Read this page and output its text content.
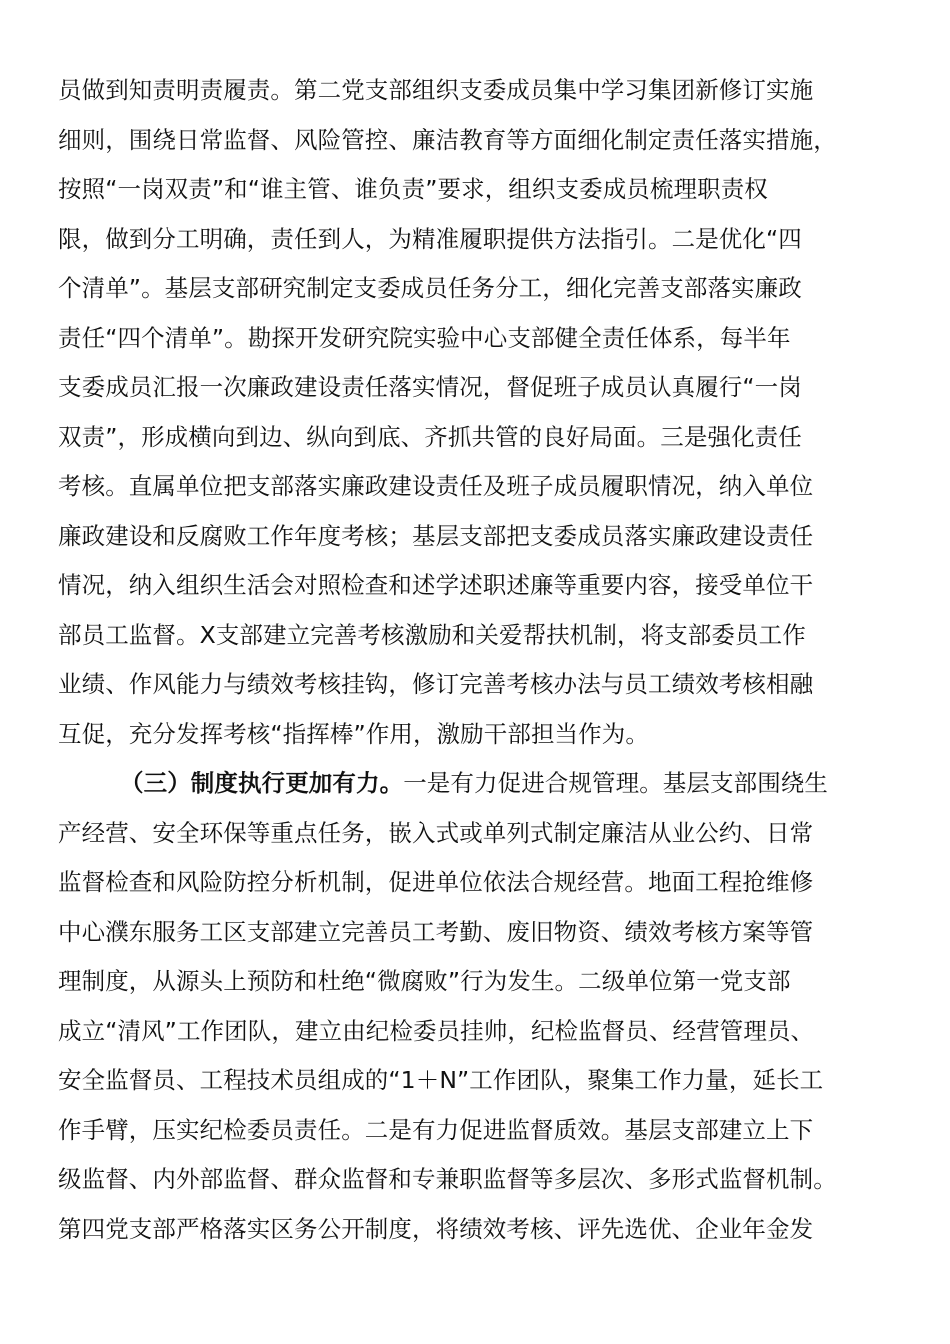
员做到知责明责履责。第二党支部组织支委成员集中学习集团新修订实施
细则，围绕日常监督、风险管控、廉洁教育等方面细化制定责任落实措施，
按照“一岗双责”和“谁主管、谁负责”要求，组织支委成员梳理职责权
限，做到分工明确，责任到人，为精准履职提供方法指引。二是优化“四
个清单”。基层支部研究制定支委成员任务分工，细化完善支部落实廉政
责任“四个清单”。勘探开发研究院实验中心支部健全责任体系，每半年
支委成员汇报一次廉政建设责任落实情况，督促班子成员认真履行“一岗
双责”，形成横向到边、纵向到底、齐抓共管的良好局面。三是强化责任
考核。直属单位把支部落实廉政建设责任及班子成员履职情况，纳入单位
廉政建设和反腐败工作年度考核；基层支部把支委成员落实廉政建设责任
情况，纳入组织生活会对照检查和述学述职述廉等重要内容，接受单位干
部员工监督。X支部建立完善考核激励和关爱帮扶机制，将支部委员工作
业绩、作风能力与绩效考核挂钩，修订完善考核办法与员工绩效考核相融
互促，充分发挥考核“指挥棒”作用，激励干部担当作为。
（三）制度执行更加有力。一是有力促进合规管理。基层支部围绕生
产经营、安全环保等重点任务，嵌入式或单列式制定廉洁从业公约、日常
监督检查和风险防控分析机制，促进单位依法合规经营。地面工程抢维修
中心濮东服务工区支部建立完善员工考勤、废旧物资、绩效考核方案等管
理制度，从源头上预防和杜绝“微腐败”行为发生。二级单位第一党支部
成立“清风”工作团队，建立由纪检委员挂帅，纪检监督员、经营管理员、
安全监督员、工程技术员组成的“1＋N”工作团队，聚集工作力量，延长工
作手臂，压实纪检委员责任。二是有力促进监督质效。基层支部建立上下
级监督、内外部监督、群众监督和专兼职监督等多层次、多形式监督机制。
第四党支部严格落实区务公开制度，将绩效考核、评先选优、企业年金发
